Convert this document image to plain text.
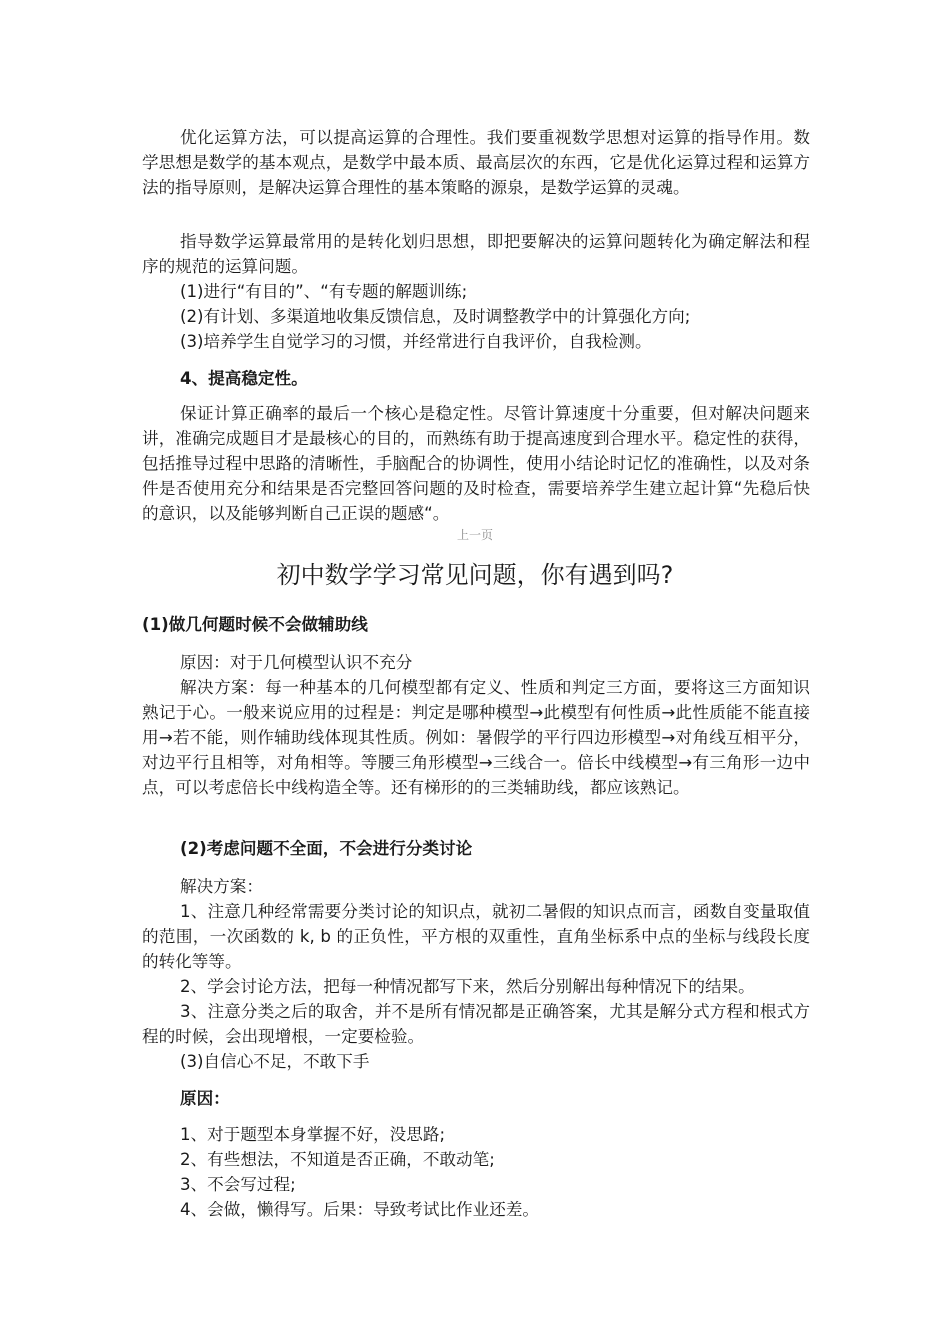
优化运算方法，可以提高运算的合理性。我们要重视数学思想对运算的指导作用。数学思想是数学的基本观点，是数学中最本质、最高层次的东西，它是优化运算过程和运算方法的指导原则，是解决运算合理性的基本策略的源泉，是数学运算的灵魂。

指导数学运算最常用的是转化划归思想，即把要解决的运算问题转化为确定解法和程序的规范的运算问题。

(1)进行“有目的”、“有专题的解题训练;

(2)有计划、多渠道地收集反馈信息，及时调整教学中的计算强化方向;

(3)培养学生自觉学习的习惯，并经常进行自我评价，自我检测。

4、提高稳定性。

保证计算正确率的最后一个核心是稳定性。尽管计算速度十分重要，但对解决问题来讲，准确完成题目才是最核心的目的，而熟练有助于提高速度到合理水平。稳定性的获得，包括推导过程中思路的清晰性，手脑配合的协调性，使用小结论时记忆的准确性，以及对条件是否使用充分和结果是否完整回答问题的及时检查，需要培养学生建立起计算“先稳后快的意识，以及能够判断自己正误的题感“。

上一页
初中数学学习常见问题，你有遇到吗?

(1)做几何题时候不会做辅助线

原因：对于几何模型认识不充分

解决方案：每一种基本的几何模型都有定义、性质和判定三方面，要将这三方面知识熟记于心。一般来说应用的过程是：判定是哪种模型→此模型有何性质→此性质能不能直接用→若不能，则作辅助线体现其性质。例如：暑假学的平行四边形模型→对角线互相平分，对边平行且相等，对角相等。等腰三角形模型→三线合一。倍长中线模型→有三角形一边中点，可以考虑倍长中线构造全等。还有梯形的的三类辅助线，都应该熟记。

(2)考虑问题不全面，不会进行分类讨论

解决方案：

1、注意几种经常需要分类讨论的知识点，就初二暑假的知识点而言，函数自变量取值的范围，一次函数的 k, b 的正负性，平方根的双重性，直角坐标系中点的坐标与线段长度的转化等等。

2、学会讨论方法，把每一种情况都写下来，然后分别解出每种情况下的结果。

3、注意分类之后的取舍，并不是所有情况都是正确答案，尤其是解分式方程和根式方程的时候，会出现增根，一定要检验。

(3)自信心不足，不敢下手

原因：

1、对于题型本身掌握不好，没思路;

2、有些想法，不知道是否正确，不敢动笔;

3、不会写过程;

4、会做，懒得写。后果：导致考试比作业还差。
